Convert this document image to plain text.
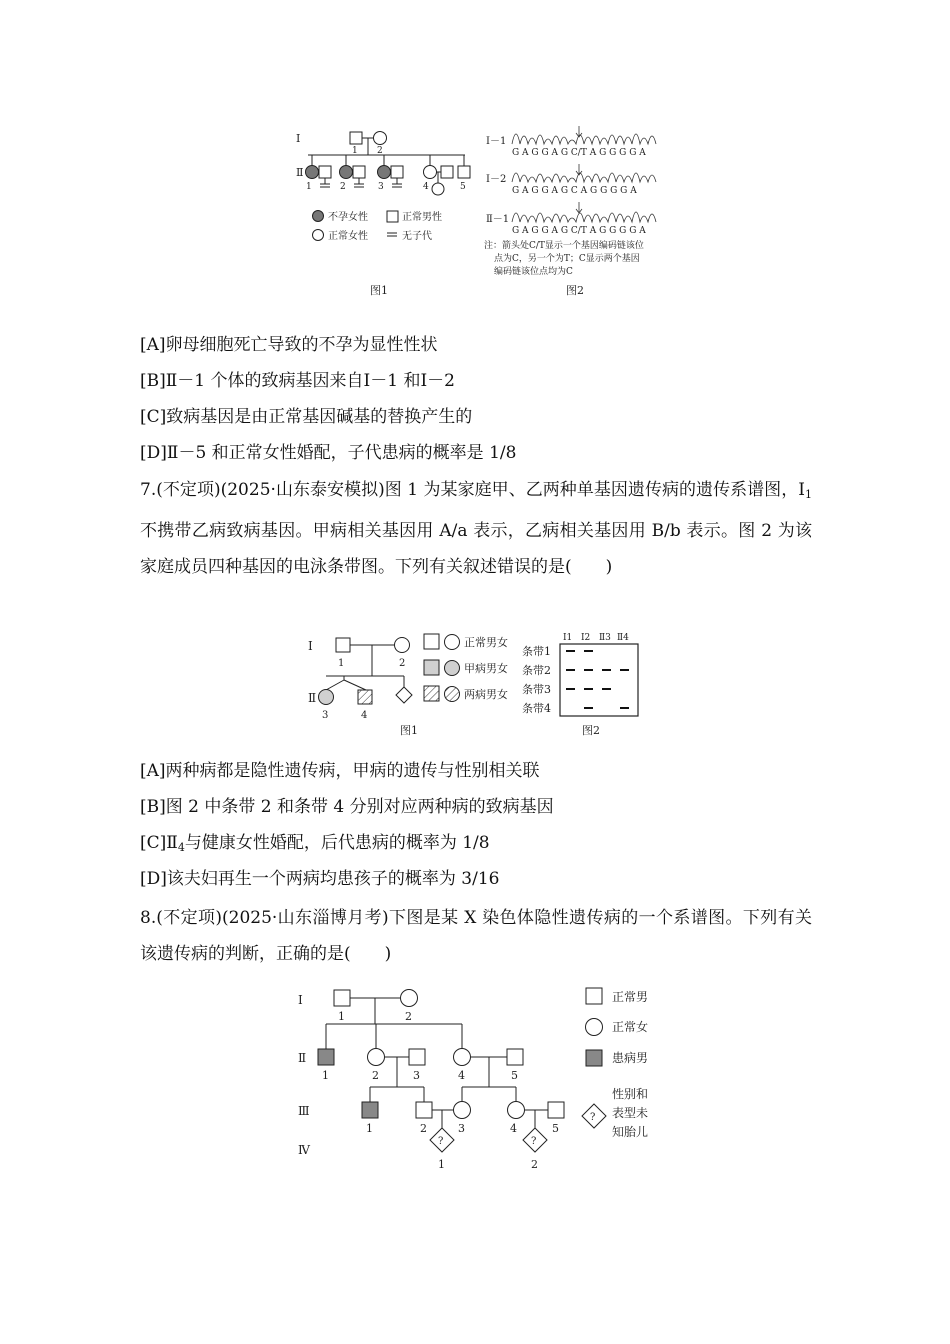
Ⅰ
Ⅱ
1 2
1	2	3	4	5
不孕女性	正常男性
正常女性	无子代
图1
Ⅰ－1
Ⅰ－2
Ⅱ－1
G A G G A G C/T A G G G G A
G A G G A G C A G G G G A
G A G G A G C/T A G G G G A
注：箭头处C/T显示一个基因编码链该位
点为C，另一个为T；C显示两个基因
编码链该位点均为C
图2
[A]卵母细胞死亡导致的不孕为显性性状
[B]Ⅱ－1 个体的致病基因来自Ⅰ－1 和Ⅰ－2
[C]致病基因是由正常基因碱基的替换产生的
[D]Ⅱ－5 和正常女性婚配，子代患病的概率是 1/8
7.(不定项)(2025·山东泰安模拟)图 1 为某家庭甲、乙两种单基因遗传病的遗传系谱图，$Ⅰ_1$不携带乙病致病基因。甲病相关基因用 A/a 表示，乙病相关基因用 B/b 表示。图 2 为该家庭成员四种基因的电泳条带图。下列有关叙述错误的是(　　)
Ⅰ
Ⅱ
1	2
3	4
正常男女
甲病男女
两病男女
Ⅰ1 Ⅰ2 Ⅱ3 Ⅱ4
条带1
条带2
条带3
条带4
图1	图2
[A]两种病都是隐性遗传病，甲病的遗传与性别相关联
[B]图 2 中条带 2 和条带 4 分别对应两种病的致病基因
$[C]Ⅱ_4$与健康女性婚配，后代患病的概率为 1/8
[D]该夫妇再生一个两病均患孩子的概率为 3/16
8.(不定项)(2025·山东淄博月考)下图是某 X 染色体隐性遗传病的一个系谱图。下列有关该遗传病的判断，正确的是(　　)
Ⅰ
Ⅱ
Ⅲ
Ⅳ
1	2
1	2	3	4	5
1	2	3	4	5
1	2
?	?
?
正常男
正常女
患病男
性别和
表型未
知胎儿
